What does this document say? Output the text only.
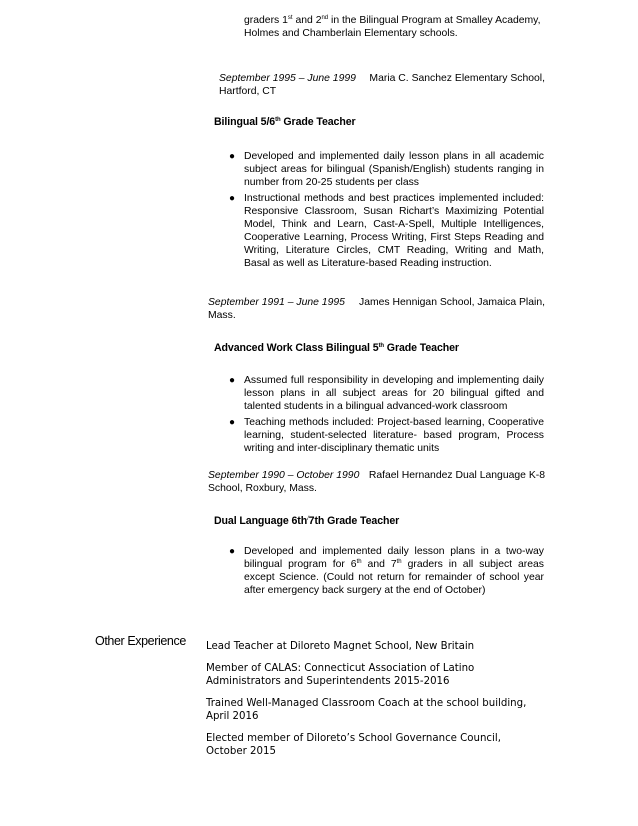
graders 1st and 2nd in the Bilingual Program at Smalley Academy,
Holmes and Chamberlain Elementary schools.
September 1995 – June 1999 Maria C. Sanchez Elementary School,
Hartford, CT
Bilingual 5/6th Grade Teacher
● Developed and implemented daily lesson plans in all academic subject areas for bilingual (Spanish/English) students ranging in number from 20-25 students per class
● Instructional methods and best practices implemented included: Responsive Classroom, Susan Richart’s Maximizing Potential Model, Think and Learn, Cast-A-Spell, Multiple Intelligences, Cooperative Learning, Process Writing, First Steps Reading and Writing, Literature Circles, CMT Reading, Writing and Math, Basal as well as Literature-based Reading instruction.
September 1991 – June 1995 James Hennigan School, Jamaica Plain,
Mass.
Advanced Work Class Bilingual 5th Grade Teacher
● Assumed full responsibility in developing and implementing daily lesson plans in all subject areas for 20 bilingual gifted and talented students in a bilingual advanced-work classroom
● Teaching methods included: Project-based learning, Cooperative learning, student-selected literature- based program, Process writing and inter-disciplinary thematic units
September 1990 – October 1990 Rafael Hernandez Dual Language K-8
School, Roxbury, Mass.
Dual Language 6th/7th Grade Teacher
● Developed and implemented daily lesson plans in a two-way bilingual program for 6th and 7th graders in all subject areas except Science. (Could not return for remainder of school year after emergency back surgery at the end of October)
Other Experience Lead Teacher at Diloreto Magnet School, New Britain
Member of CALAS: Connecticut Association of Latino Administrators and Superintendents 2015-2016
Trained Well-Managed Classroom Coach at the school building, April 2016
Elected member of Diloreto’s School Governance Council, October 2015
